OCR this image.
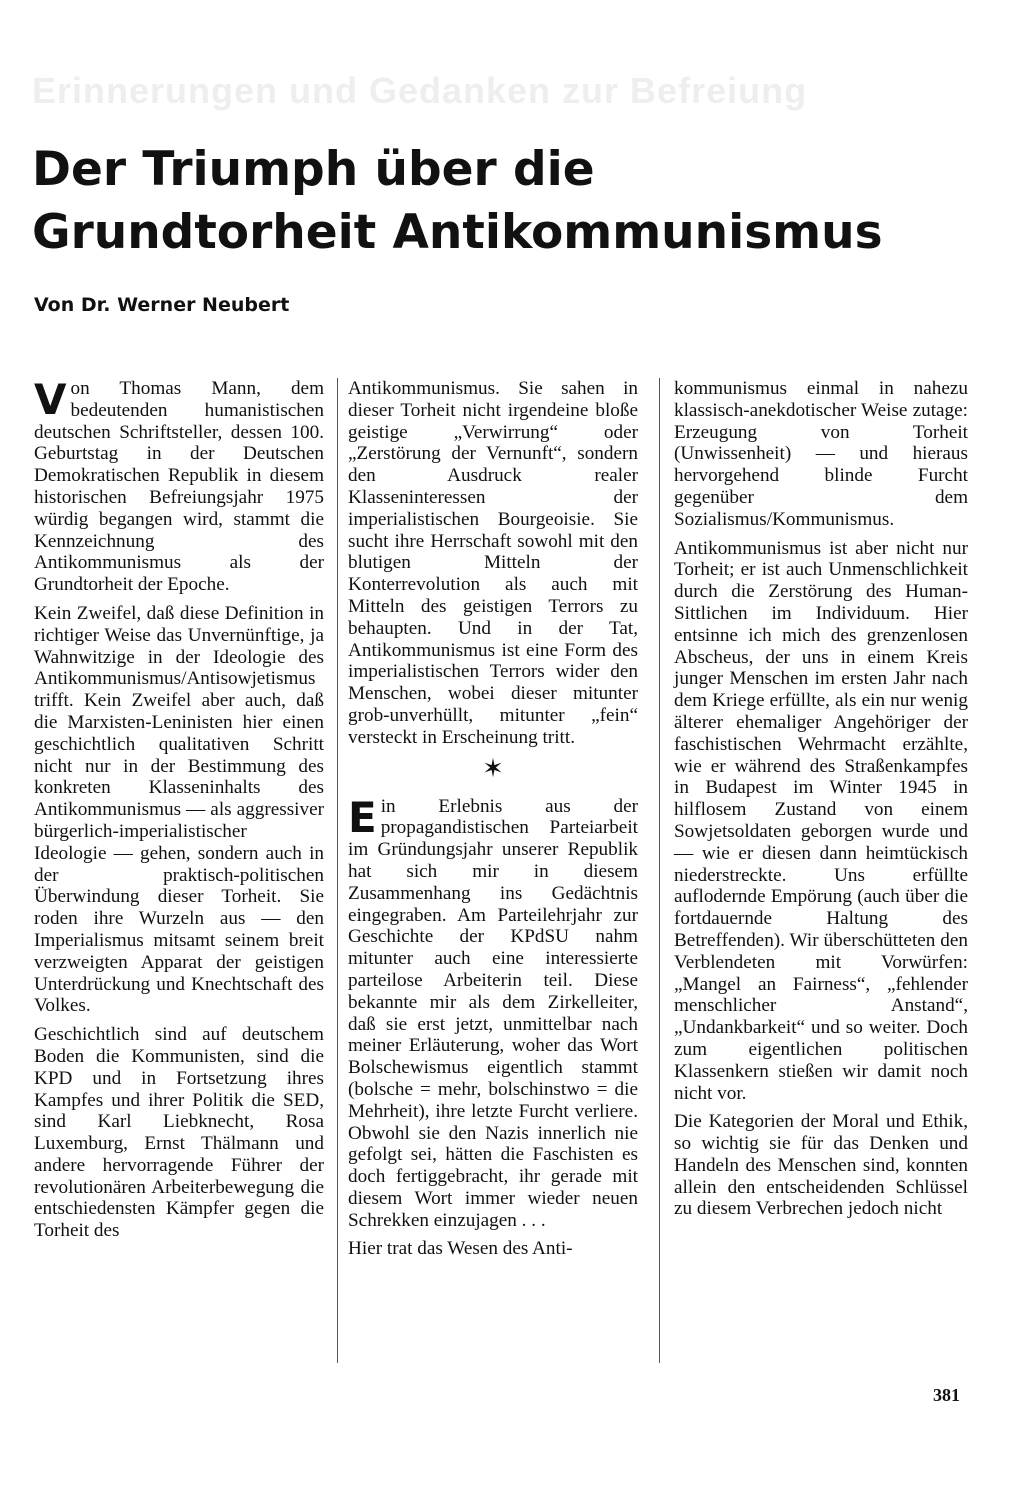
Erinnerungen und Gedanken zur Befreiung
Der Triumph über die
Grundtorheit Antikommunismus
Von Dr. Werner Neubert

V on Thomas Mann, dem bedeutenden humanistischen deutschen Schriftsteller, dessen 100. Geburtstag in der Deutschen Demokratischen Republik in diesem historischen Befreiungsjahr 1975 würdig begangen wird, stammt die Kennzeichnung des Antikommunismus als der Grundtorheit der Epoche.

Kein Zweifel, daß diese Definition in richtiger Weise das Unvernünftige, ja Wahnwitzige in der Ideologie des Antikommunismus/Antisowjetismus trifft. Kein Zweifel aber auch, daß die Marxisten-Leninisten hier einen geschichtlich qualitativen Schritt nicht nur in der Bestimmung des konkreten Klasseninhalts des Antikommunismus — als aggressiver bürgerlich-imperialistischer Ideologie — gehen, sondern auch in der praktisch-politischen Überwindung dieser Torheit. Sie roden ihre Wurzeln aus — den Imperialismus mitsamt seinem breit verzweigten Apparat der geistigen Unterdrückung und Knechtschaft des Volkes.

Geschichtlich sind auf deutschem Boden die Kommunisten, sind die KPD und in Fortsetzung ihres Kampfes und ihrer Politik die SED, sind Karl Liebknecht, Rosa Luxemburg, Ernst Thälmann und andere hervorragende Führer der revolutionären Arbeiterbewegung die entschiedensten Kämpfer gegen die Torheit des

Antikommunismus. Sie sahen in dieser Torheit nicht irgendeine bloße geistige „Verwirrung“ oder „Zerstörung der Vernunft“, sondern den Ausdruck realer Klasseninteressen der imperialistischen Bourgeoisie. Sie sucht ihre Herrschaft sowohl mit den blutigen Mitteln der Konterrevolution als auch mit Mitteln des geistigen Terrors zu behaupten. Und in der Tat, Antikommunismus ist eine Form des imperialistischen Terrors wider den Menschen, wobei dieser mitunter grob-unverhüllt, mitunter „fein“ versteckt in Erscheinung tritt.

✶

E in Erlebnis aus der propagandistischen Parteiarbeit im Gründungsjahr unserer Republik hat sich mir in diesem Zusammenhang ins Gedächtnis eingegraben. Am Parteilehrjahr zur Geschichte der KPdSU nahm mitunter auch eine interessierte parteilose Arbeiterin teil. Diese bekannte mir als dem Zirkelleiter, daß sie erst jetzt, unmittelbar nach meiner Erläuterung, woher das Wort Bolschewismus eigentlich stammt (bolsche = mehr, bolschinstwo = die Mehrheit), ihre letzte Furcht verliere. Obwohl sie den Nazis innerlich nie gefolgt sei, hätten die Faschisten es doch fertiggebracht, ihr gerade mit diesem Wort immer wieder neuen Schrekken einzujagen . . .

Hier trat das Wesen des Anti-

kommunismus einmal in nahezu klassisch-anekdotischer Weise zutage: Erzeugung von Torheit (Unwissenheit) — und hieraus hervorgehend blinde Furcht gegenüber dem Sozialismus/Kommunismus.

Antikommunismus ist aber nicht nur Torheit; er ist auch Unmenschlichkeit durch die Zerstörung des Human-Sittlichen im Individuum. Hier entsinne ich mich des grenzenlosen Abscheus, der uns in einem Kreis junger Menschen im ersten Jahr nach dem Kriege erfüllte, als ein nur wenig älterer ehemaliger Angehöriger der faschistischen Wehrmacht erzählte, wie er während des Straßenkampfes in Budapest im Winter 1945 in hilflosem Zustand von einem Sowjetsoldaten geborgen wurde und — wie er diesen dann heimtückisch niederstreckte. Uns erfüllte auflodernde Empörung (auch über die fortdauernde Haltung des Betreffenden). Wir überschütteten den Verblendeten mit Vorwürfen: „Mangel an Fairness“, „fehlender menschlicher Anstand“, „Undankbarkeit“ und so weiter. Doch zum eigentlichen politischen Klassenkern stießen wir damit noch nicht vor.

Die Kategorien der Moral und Ethik, so wichtig sie für das Denken und Handeln des Menschen sind, konnten allein den entscheidenden Schlüssel zu diesem Verbrechen jedoch nicht

381
